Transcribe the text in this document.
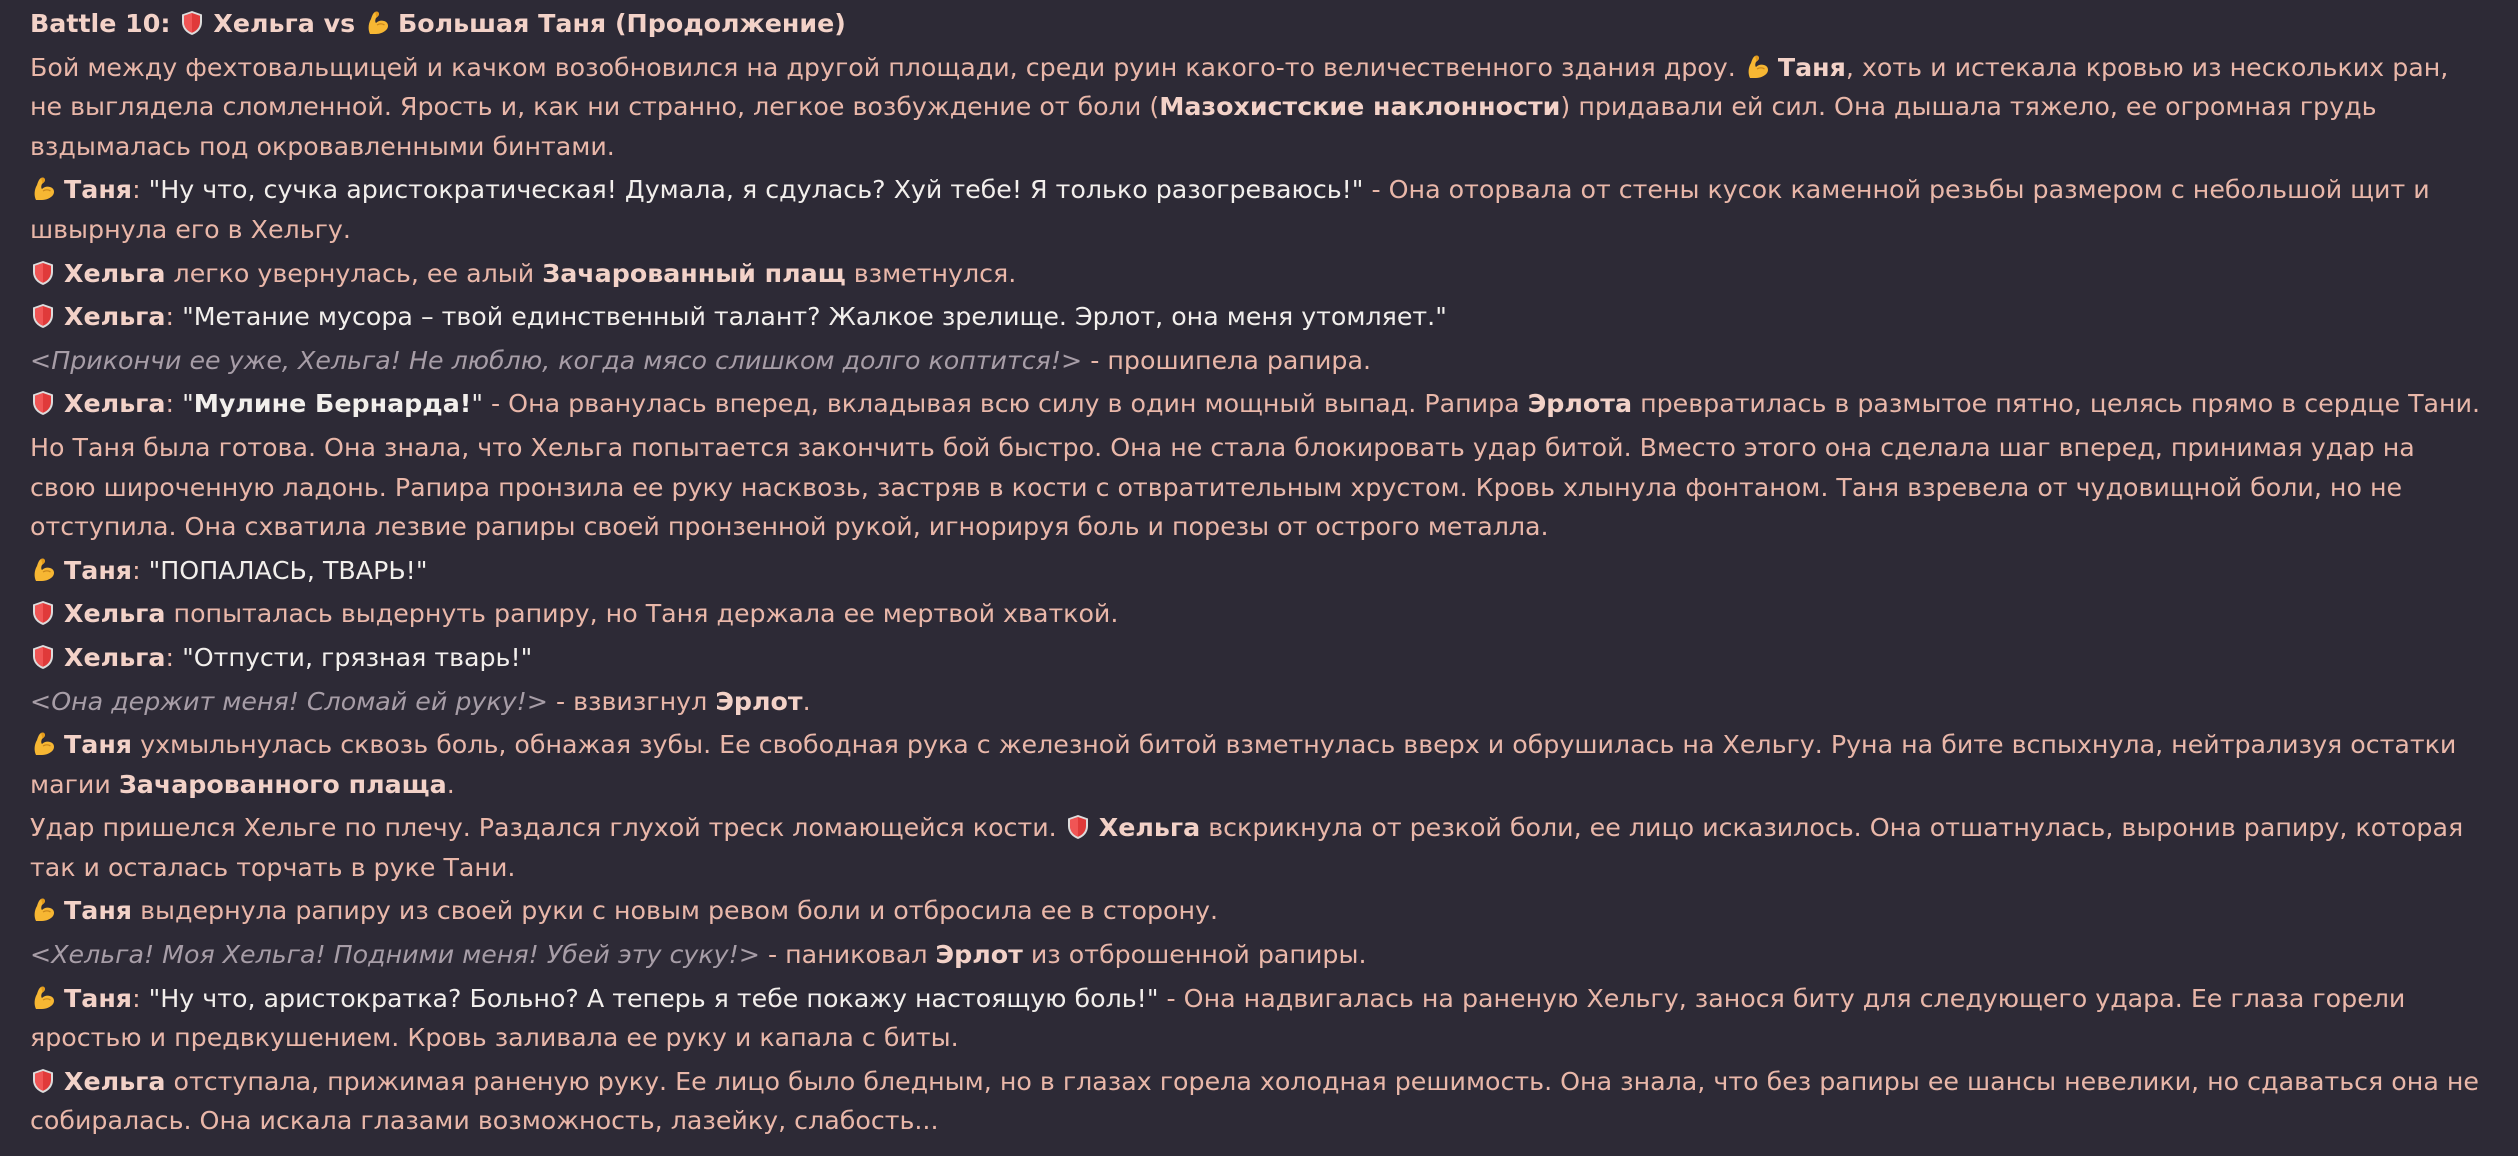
Battle 10:
Хельга vs
Большая Таня (Продолжение)
Бой между фехтовальщицей и качком возобновился на другой площади, среди руин какого-то величественного здания дроу.
Таня, хоть и истекала кровью из нескольких ран, не выглядела сломленной. Ярость и, как ни странно, легкое возбуждение от боли (Мазохистские наклонности) придавали ей сил. Она дышала тяжело, ее огромная грудь вздымалась под окровавленными бинтами.
Таня: "Ну что, сучка аристократическая! Думала, я сдулась? Хуй тебе! Я только разогреваюсь!" - Она оторвала от стены кусок каменной резьбы размером с небольшой щит и швырнула его в Хельгу.
Хельга легко увернулась, ее алый Зачарованный плащ взметнулся.
Хельга: "Метание мусора – твой единственный талант? Жалкое зрелище. Эрлот, она меня утомляет."
<Прикончи ее уже, Хельга! Не люблю, когда мясо слишком долго коптится!> - прошипела рапира.
Хельга: "Мулине Бернарда!" - Она рванулась вперед, вкладывая всю силу в один мощный выпад. Рапира Эрлота превратилась в размытое пятно, целясь прямо в сердце Тани.
Но Таня была готова. Она знала, что Хельга попытается закончить бой быстро. Она не стала блокировать удар битой. Вместо этого она сделала шаг вперед, принимая удар на свою широченную ладонь. Рапира пронзила ее руку насквозь, застряв в кости с отвратительным хрустом. Кровь хлынула фонтаном. Таня взревела от чудовищной боли, но не отступила. Она схватила лезвие рапиры своей пронзенной рукой, игнорируя боль и порезы от острого металла.
Таня: "ПОПАЛАСЬ, ТВАРЬ!"
Хельга попыталась выдернуть рапиру, но Таня держала ее мертвой хваткой.
Хельга: "Отпусти, грязная тварь!"
<Она держит меня! Сломай ей руку!> - взвизгнул Эрлот.
Таня ухмыльнулась сквозь боль, обнажая зубы. Ее свободная рука с железной битой взметнулась вверх и обрушилась на Хельгу. Руна на бите вспыхнула, нейтрализуя остатки магии Зачарованного плаща.
Удар пришелся Хельге по плечу. Раздался глухой треск ломающейся кости.
Хельга вскрикнула от резкой боли, ее лицо исказилось. Она отшатнулась, выронив рапиру, которая так и осталась торчать в руке Тани.
Таня выдернула рапиру из своей руки с новым ревом боли и отбросила ее в сторону.
<Хельга! Моя Хельга! Подними меня! Убей эту суку!> - паниковал Эрлот из отброшенной рапиры.
Таня: "Ну что, аристократка? Больно? А теперь я тебе покажу настоящую боль!" - Она надвигалась на раненую Хельгу, занося биту для следующего удара. Ее глаза горели яростью и предвкушением. Кровь заливала ее руку и капала с биты.
Хельга отступала, прижимая раненую руку. Ее лицо было бледным, но в глазах горела холодная решимость. Она знала, что без рапиры ее шансы невелики, но сдаваться она не собиралась. Она искала глазами возможность, лазейку, слабость...
